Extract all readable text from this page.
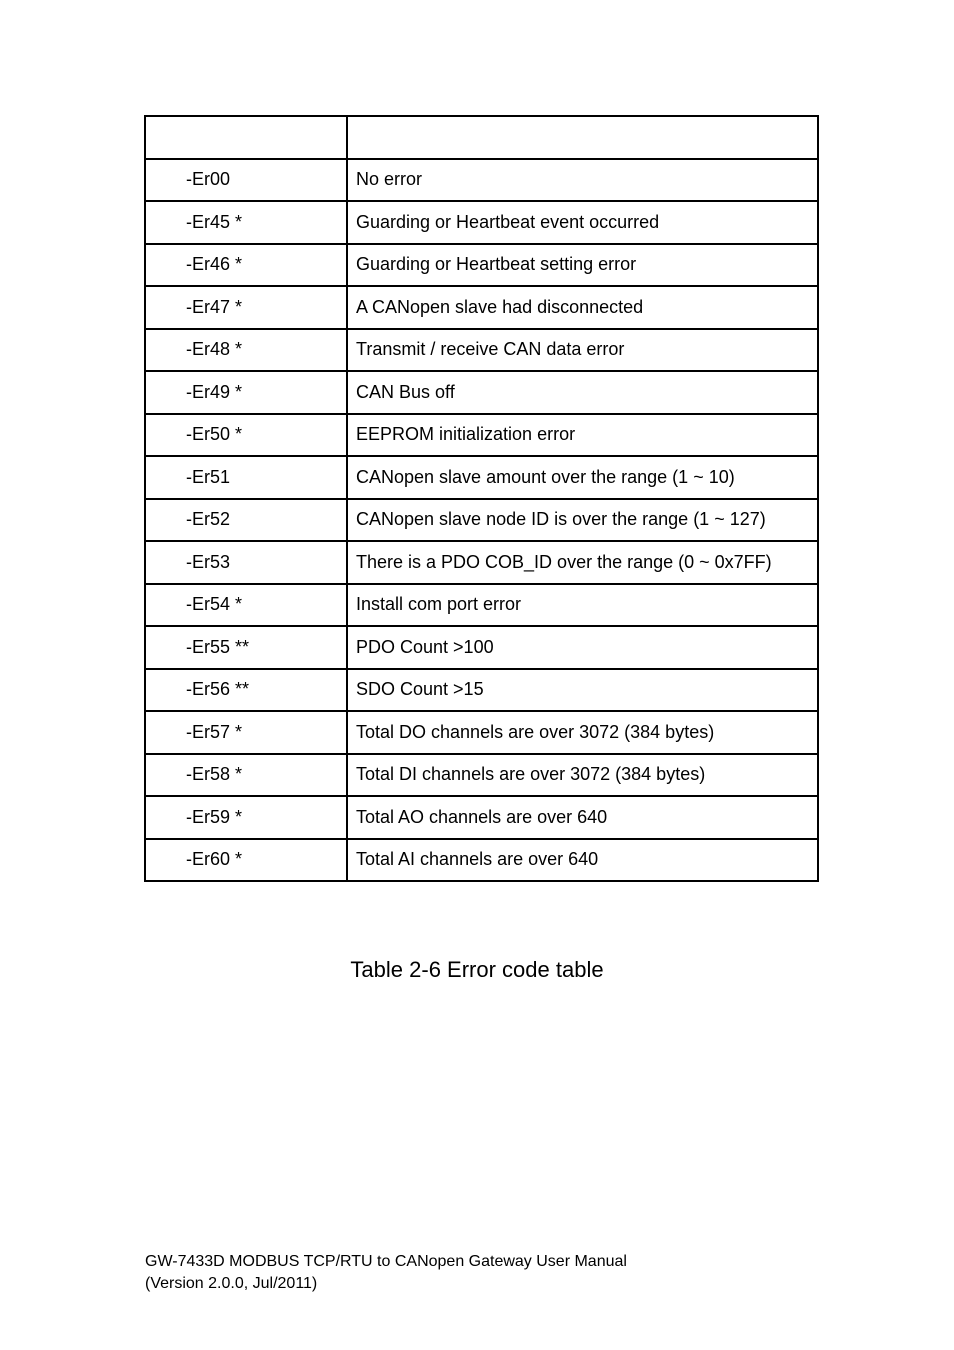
-Er00	No error
-Er45 *	Guarding or Heartbeat event occurred
-Er46 *	Guarding or Heartbeat setting error
-Er47 *	A CANopen slave had disconnected
-Er48 *	Transmit / receive CAN data error
-Er49 *	CAN Bus off
-Er50 *	EEPROM initialization error
-Er51	CANopen slave amount over the range (1 ~ 10)
-Er52	CANopen slave node ID is over the range (1 ~ 127)
-Er53	There is a PDO COB_ID over the range (0 ~ 0x7FF)
-Er54 *	Install com port error
-Er55 **	PDO Count >100
-Er56 **	SDO Count >15
-Er57 *	Total DO channels are over 3072 (384 bytes)
-Er58 *	Total DI channels are over 3072 (384 bytes)
-Er59 *	Total AO channels are over 640
-Er60 *	Total AI channels are over 640
Table 2-6 Error code table
GW-7433D MODBUS TCP/RTU to CANopen Gateway User Manual
(Version 2.0.0, Jul/2011)
